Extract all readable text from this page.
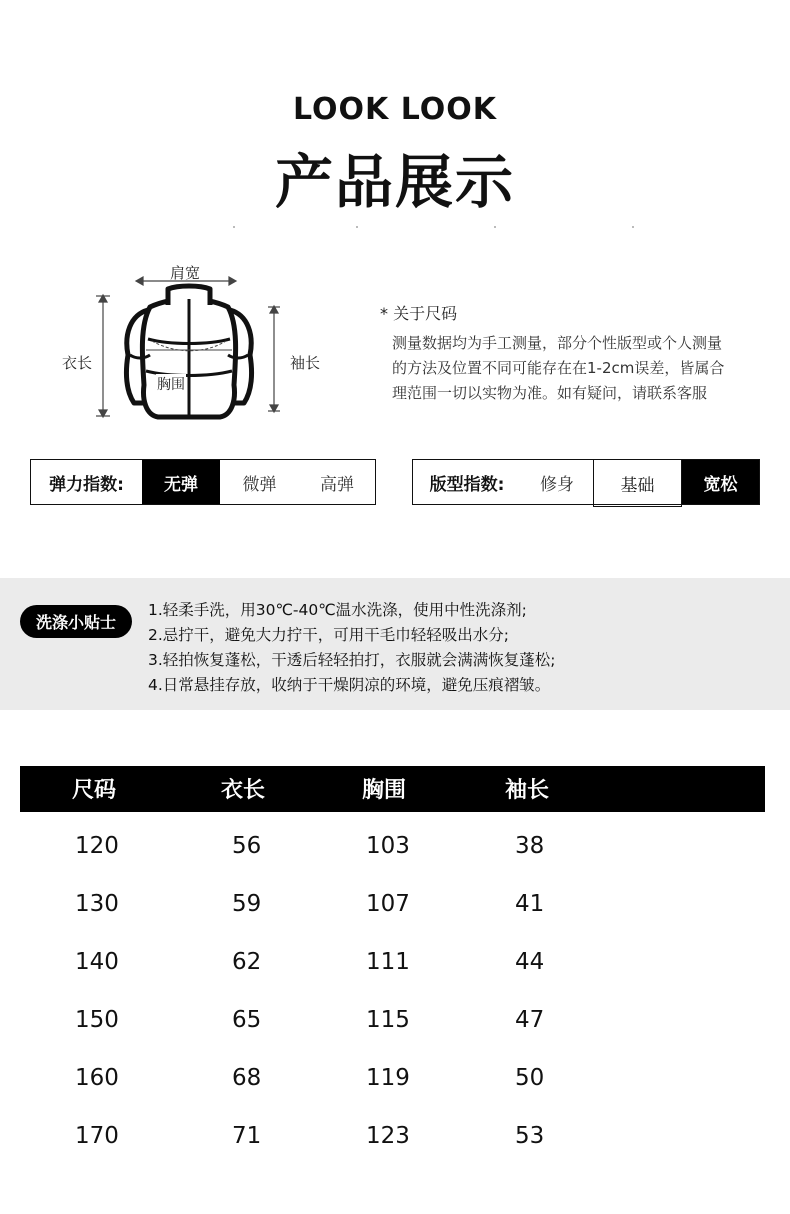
LOOK LOOK
产品展示
肩宽
衣长	袖长
胸围
* 关于尺码
测量数据均为手工测量，部分个性版型或个人测量
的方法及位置不同可能存在在1-2cm误差，皆属合
理范围一切以实物为准。如有疑问，请联系客服
弹力指数:	无弹	微弹	高弹	版型指数:	修身	基础	宽松
洗涤小贴士
1.轻柔手洗，用30℃-40℃温水洗涤，使用中性洗涤剂;
2.忌拧干，避免大力拧干，可用干毛巾轻轻吸出水分;
3.轻拍恢复蓬松，干透后轻轻拍打，衣服就会满满恢复蓬松;
4.日常悬挂存放，收纳于干燥阴凉的环境，避免压痕褶皱。
尺码	衣长	胸围	袖长
120	56	103	38
130	59	107	41
140	62	111	44
150	65	115	47
160	68	119	50
170	71	123	53
